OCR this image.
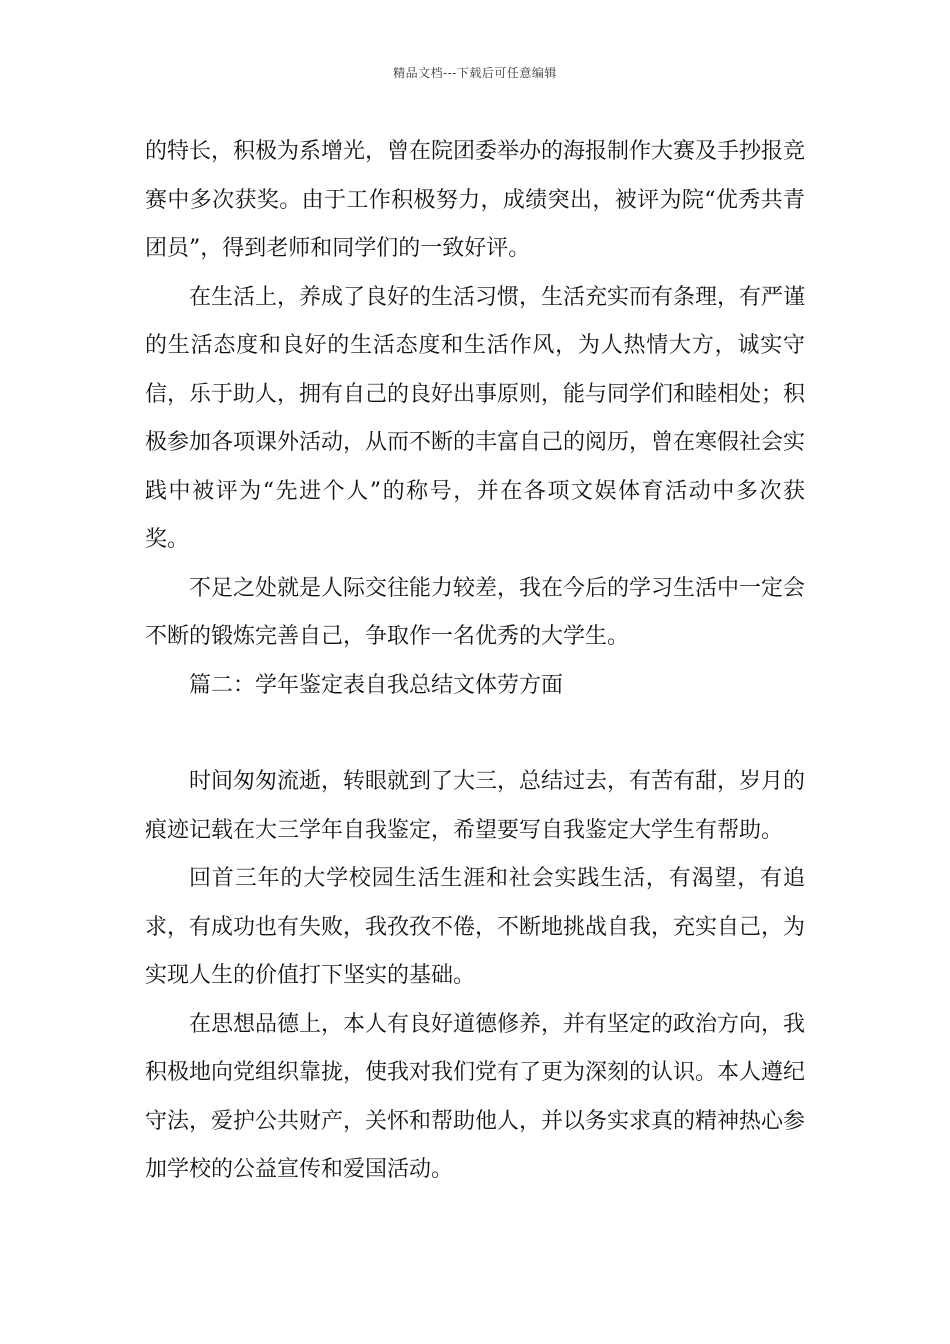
精品文档---下载后可任意编辑

的特长，积极为系增光，曾在院团委举办的海报制作大赛及手抄报竞赛中多次获奖。由于工作积极努力，成绩突出，被评为院“优秀共青团员”，得到老师和同学们的一致好评。

在生活上，养成了良好的生活习惯，生活充实而有条理，有严谨的生活态度和良好的生活态度和生活作风，为人热情大方，诚实守信，乐于助人，拥有自己的良好出事原则，能与同学们和睦相处；积极参加各项课外活动，从而不断的丰富自己的阅历，曾在寒假社会实践中被评为“先进个人”的称号，并在各项文娱体育活动中多次获奖。

不足之处就是人际交往能力较差，我在今后的学习生活中一定会不断的锻炼完善自己，争取作一名优秀的大学生。

篇二：学年鉴定表自我总结文体劳方面

时间匆匆流逝，转眼就到了大三，总结过去，有苦有甜，岁月的痕迹记载在大三学年自我鉴定，希望要写自我鉴定大学生有帮助。

回首三年的大学校园生活生涯和社会实践生活，有渴望，有追求，有成功也有失败，我孜孜不倦，不断地挑战自我，充实自己，为实现人生的价值打下坚实的基础。

在思想品德上，本人有良好道德修养，并有坚定的政治方向，我积极地向党组织靠拢，使我对我们党有了更为深刻的认识。本人遵纪守法，爱护公共财产，关怀和帮助他人，并以务实求真的精神热心参加学校的公益宣传和爱国活动。
